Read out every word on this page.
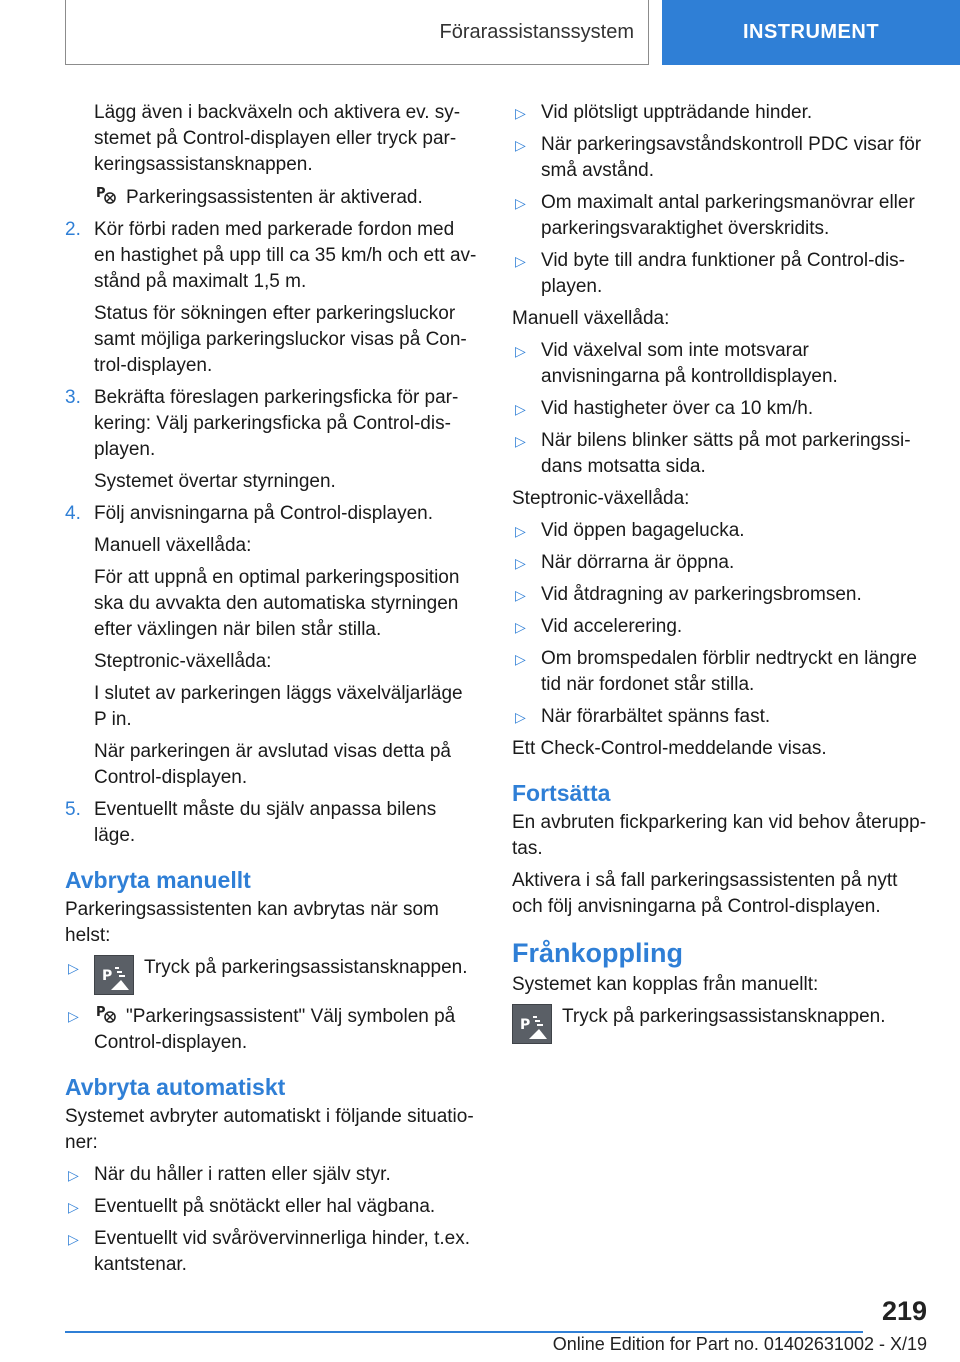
Förarassistanssystem	INSTRUMENT
Lägg även i backväxeln och aktivera ev. sy-stemet på Control-displayen eller tryck par-keringsassistansknappen.
P Parkeringsassistenten är aktiverad.
2. Kör förbi raden med parkerade fordon med en hastighet på upp till ca 35 km/h och ett av-stånd på maximalt 1,5 m.
Status för sökningen efter parkeringsluckor samt möjliga parkeringsluckor visas på Con-trol-displayen.
3. Bekräfta föreslagen parkeringsficka för par-kering: Välj parkeringsficka på Control-dis-playen.
Systemet övertar styrningen.
4. Följ anvisningarna på Control-displayen.
Manuell växellåda:
För att uppnå en optimal parkeringsposition ska du avvakta den automatiska styrningen efter växlingen när bilen står stilla.
Steptronic-växellåda:
I slutet av parkeringen läggs växelväljarläge P in.
När parkeringen är avslutad visas detta på Control-displayen.
5. Eventuellt måste du själv anpassa bilens läge.
Avbryta manuellt
Parkeringsassistenten kan avbrytas när som helst:
▷ P Tryck på parkeringsassistansknappen.
▷ P "Parkeringsassistent" Välj symbolen på Control-displayen.
Avbryta automatiskt
Systemet avbryter automatiskt i följande situatio-ner:
▷ När du håller i ratten eller själv styr.
▷ Eventuellt på snötäckt eller hal vägbana.
▷ Eventuellt vid svårövervinnerliga hinder, t.ex. kantstenar.
▷ Vid plötsligt uppträdande hinder.
▷ När parkeringsavståndskontroll PDC visar för små avstånd.
▷ Om maximalt antal parkeringsmanövrar eller parkeringsvaraktighet överskridits.
▷ Vid byte till andra funktioner på Control-dis-playen.
Manuell växellåda:
▷ Vid växelval som inte motsvarar anvisningarna på kontrolldisplayen.
▷ Vid hastigheter över ca 10 km/h.
▷ När bilens blinker sätts på mot parkeringssi-dans motsatta sida.
Steptronic-växellåda:
▷ Vid öppen bagagelucka.
▷ När dörrarna är öppna.
▷ Vid åtdragning av parkeringsbromsen.
▷ Vid accelerering.
▷ Om bromspedalen förblir nedtryckt en längre tid när fordonet står stilla.
▷ När förarbältet spänns fast.
Ett Check-Control-meddelande visas.
Fortsätta
En avbruten fickparkering kan vid behov återupp-tas.
Aktivera i så fall parkeringsassistenten på nytt och följ anvisningarna på Control-displayen.
Frånkoppling
Systemet kan kopplas från manuellt:
P Tryck på parkeringsassistansknappen.
219
Online Edition for Part no. 01402631002 - X/19
